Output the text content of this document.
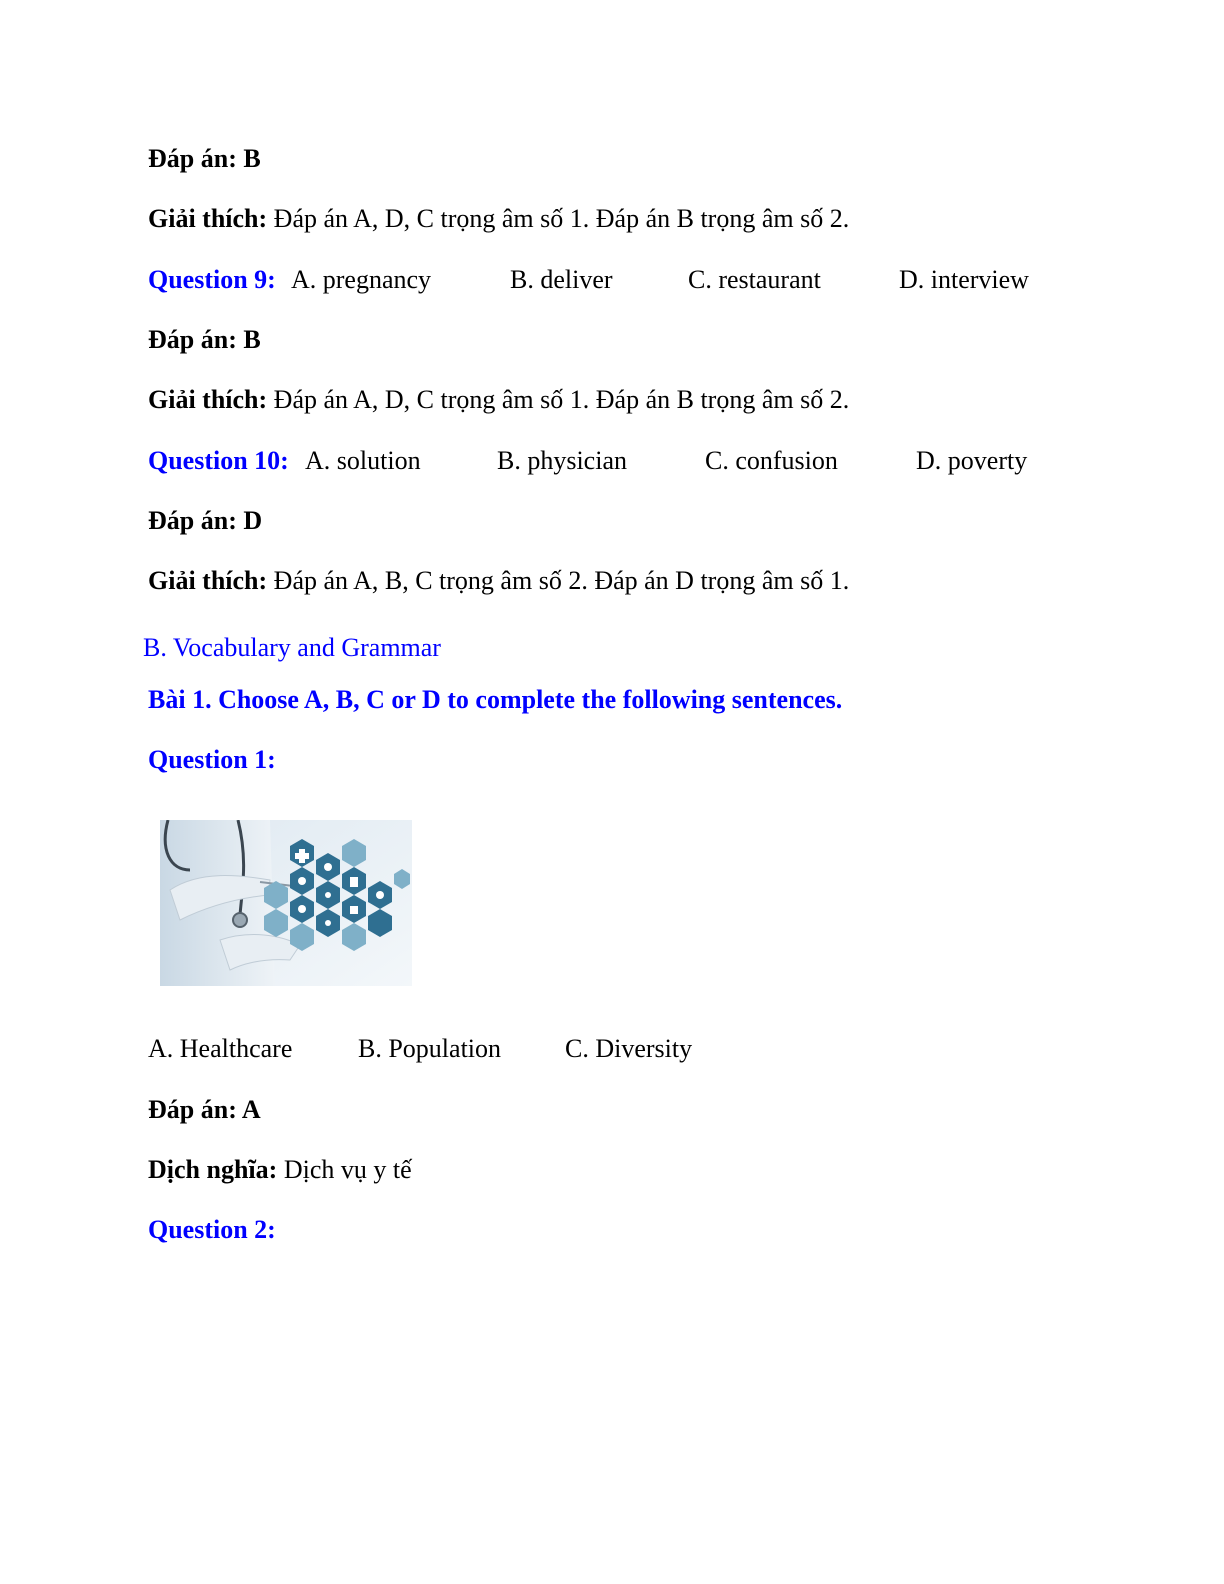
Đáp án: B
Giải thích: Đáp án A, D, C trọng âm số 1. Đáp án B trọng âm số 2.
Question 9: A. pregnancy	B. deliver	C. restaurant	D. interview
Đáp án: B
Giải thích: Đáp án A, D, C trọng âm số 1. Đáp án B trọng âm số 2.
Question 10: A. solution	B. physician	C. confusion	D. poverty
Đáp án: D
Giải thích: Đáp án A, B, C trọng âm số 2. Đáp án D trọng âm số 1.
B. Vocabulary and Grammar
Bài 1. Choose A, B, C or D to complete the following sentences.
Question 1:
A. Healthcare	B. Population C. Diversity
Đáp án: A
Dịch nghĩa: Dịch vụ y tế
Question 2:
